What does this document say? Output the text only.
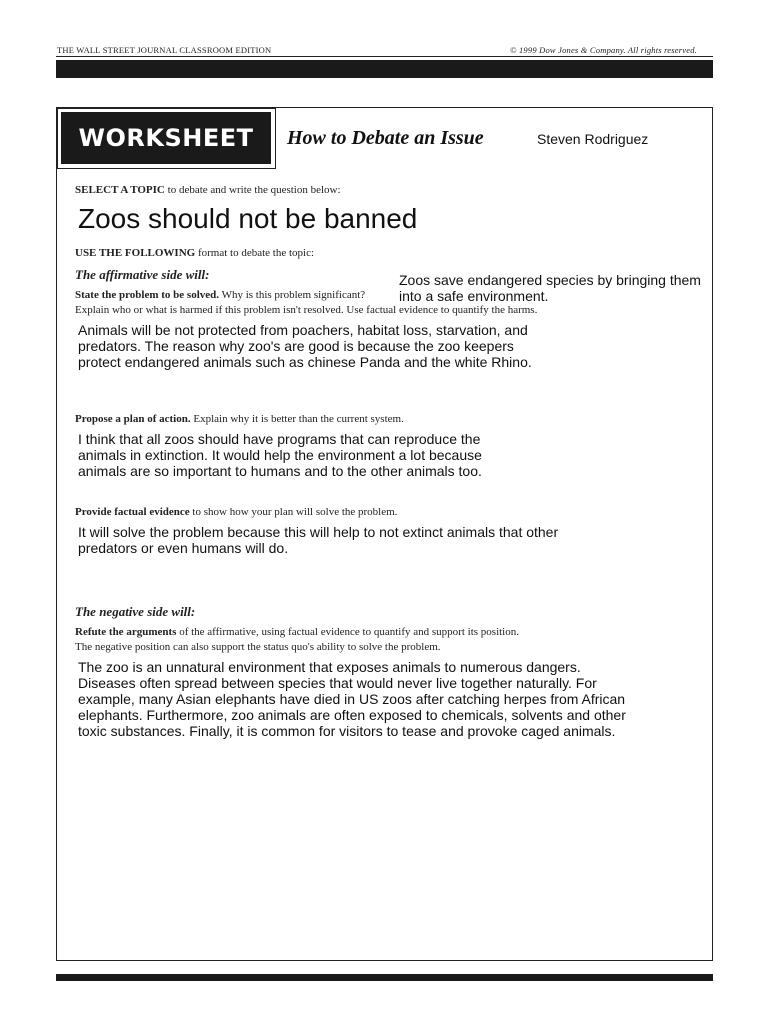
THE WALL STREET JOURNAL CLASSROOM EDITION	© 1999 Dow Jones & Company. All rights reserved.
WORKSHEET	How to Debate an Issue	Steven Rodriguez
SELECT A TOPIC to debate and write the question below:
Zoos should not be banned
USE THE FOLLOWING format to debate the topic:
The affirmative side will:	Zoos save endangered species by bringing them
into a safe environment.
State the problem to be solved. Why is this problem significant?
Explain who or what is harmed if this problem isn't resolved. Use factual evidence to quantify the harms.
Animals will be not protected from poachers, habitat loss, starvation, and
predators. The reason why zoo's are good is because the zoo keepers
protect endangered animals such as chinese Panda and the white Rhino.
Propose a plan of action. Explain why it is better than the current system.
I think that all zoos should have programs that can reproduce the
animals in extinction. It would help the environment a lot because
animals are so important to humans and to the other animals too.
Provide factual evidence to show how your plan will solve the problem.
It will solve the problem because this will help to not extinct animals that other
predators or even humans will do.
The negative side will:
Refute the arguments of the affirmative, using factual evidence to quantify and support its position.
The negative position can also support the status quo's ability to solve the problem.
The zoo is an unnatural environment that exposes animals to numerous dangers.
Diseases often spread between species that would never live together naturally. For
example, many Asian elephants have died in US zoos after catching herpes from African
elephants. Furthermore, zoo animals are often exposed to chemicals, solvents and other
toxic substances. Finally, it is common for visitors to tease and provoke caged animals.
